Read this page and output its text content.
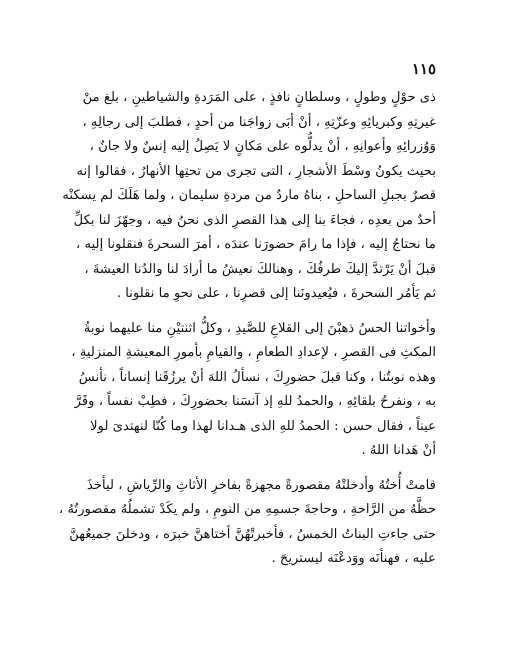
١١٥

ذى حوْلٍ وطولٍ ، وسلطانٍ نافذٍ ، على المَرَدةِ والشياطينِ ، بلغ منْ
غيرتِهِ وكبريائِهِ وعزّتِهِ ، أنْ أبَى زواجَنا من أحدٍ ، فطلبَ إلى رجالِهِ ،
وَوُزرائِهِ وأعوانِهِ ، أنْ يدلُّوه على مَكانٍ لا يَصِلُ إليه إنسٌ ولا جانٌ ،
بحيث يكونُ وسْطَ الأشجارِ ، التى تجرى من تحتِها الأنهارُ ، فقالوا إنه
قصرٌ بجبلِ الساحلِ ، بناهُ ماردٌ من مردةِ سليمان ، ولما هَلَكَ لم يسكنْه
أحدٌ من بعدِه ، فجاءَ بنا إلى هذا القصرِ الذى نحنُ فيه ، وجهّزَ لنا بكلِّ
ما نحتاجُ إليه ، فإذا ما رامَ حضورَنا عندَه ، أمرَ السحرةَ فنقلونا إليه ،
قبلَ أنْ يَرْتدَّ إليكَ طرفُكَ ، وهنالكَ نعيشُ ما أرادَ لنا والدُنا العيشةَ ،
ثم يَأمُر السحرةَ ، فيُعيدونَنا إلى قصرِنا ، على نحوِ ما نقلونا .

وأخواتنا الحسُ ذهبْنَ إلى القلاعِ للصَّيدِ ، وكلُّ اثنتيْنِ منا عليهما نوبةُ
المكثِ فى القصرِ ، لإعدادِ الطعامِ ، والقيامِ بأمورِ المعيشةِ المنزليةِ ،
وهذه نوبتُنا ، وكنا قبلَ حضورِكَ ، نسألُ اللهَ أنْ يرزُقَنا إنساناً ، نأنسُ
به ، ونفرحُ بلقائِهِ ، والحمدُ للهِ إذ آنسَنا بحضورِكَ ، فطِبْ نفساً ، وقَرَّ
عيناً ، فقال حسن : الحمدُ للهِ الذى هـدانا لهذا وما كُنّا لنهتدىَ لولا
أنْ هَدانا اللهُ .

قامتْ أُختُهُ وأدخلتْهُ مقصورةً مجهزةً بفاخرِ الأثاثِ والرِّياشِ ، ليأخذَ
حظَّهُ من الرَّاحةِ ، وحاجةَ جسمِهِ من النومِ ، ولم يكَدْ تشملُهُ مقصورتُهُ ،
حتى جاءتِ البناتُ الخمسُ ، فأخبرتْهُنَّ أختاهنَّ خبرَه ، ودخلنَ جميعُهنَّ
عليه ، فهنأنَه ووَدعْنَه ليستريحَ .
